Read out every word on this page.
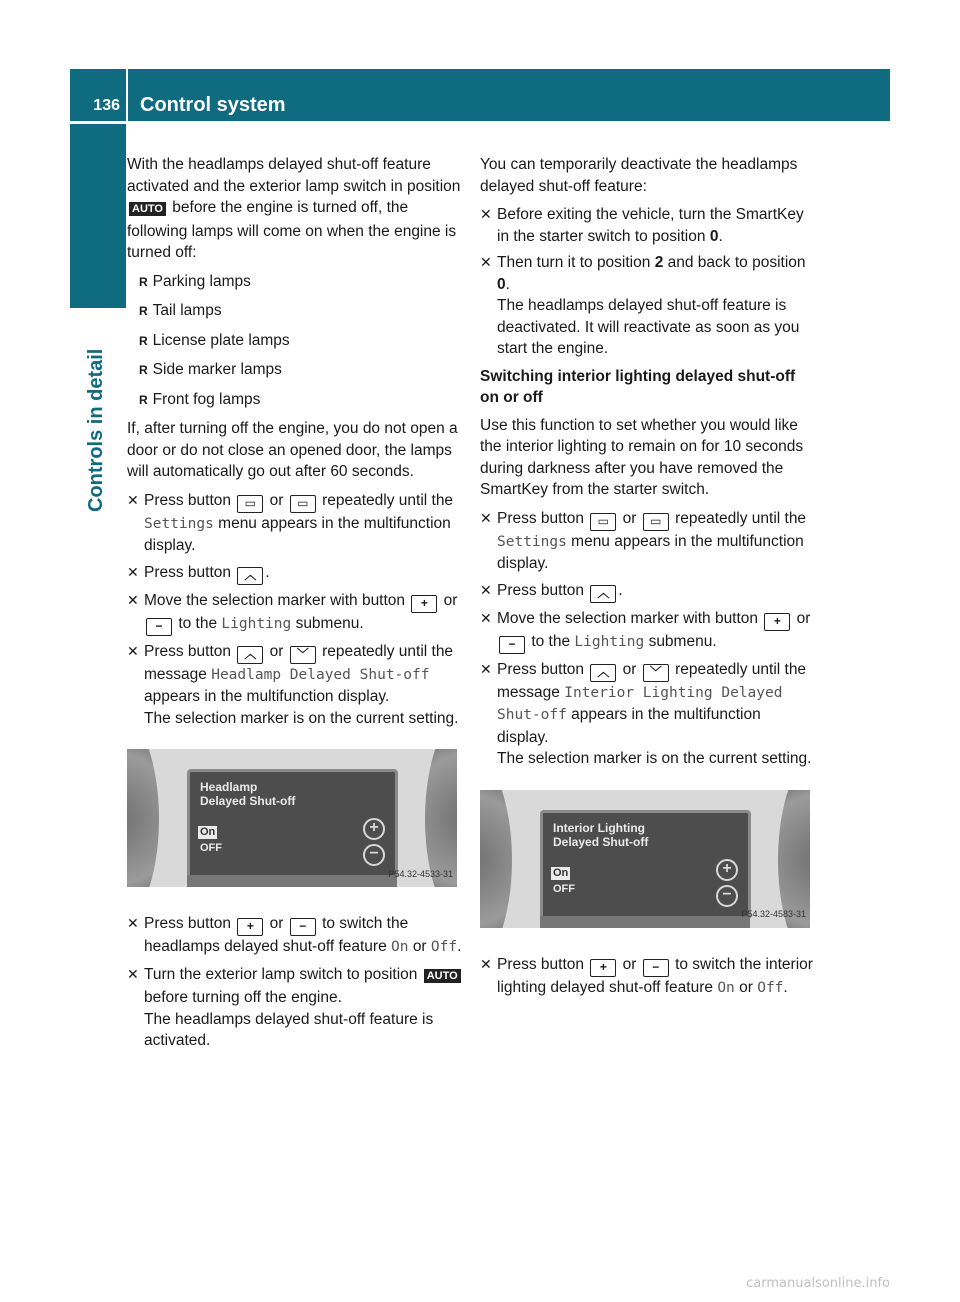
136 Control system
Controls in detail

With the headlamps delayed shut-off feature activated and the exterior lamp switch in position AUTO before the engine is turned off, the following lamps will come on when the engine is turned off:

R Parking lamps
R Tail lamps
R License plate lamps
R Side marker lamps
R Front fog lamps

If, after turning off the engine, you do not open a door or do not close an opened door, the lamps will automatically go out after 60 seconds.

✕ Press button ▭ or ▭ repeatedly until the Settings menu appears in the multifunction display.
✕ Press button ︿ .
✕ Move the selection marker with button + or − to the Lighting submenu.
✕ Press button ︿ or ﹀ repeatedly until the message Headlamp Delayed Shut-off appears in the multifunction display.
The selection marker is on the current setting.
Headlamp
Delayed Shut-off
On
OFF
+
−
P54.32-4533-31
✕ Press button + or − to switch the headlamps delayed shut-off feature On or Off.
✕ Turn the exterior lamp switch to position AUTO before turning off the engine.
The headlamps delayed shut-off feature is activated.

You can temporarily deactivate the headlamps delayed shut-off feature:

✕ Before exiting the vehicle, turn the SmartKey in the starter switch to position 0.
✕ Then turn it to position 2 and back to position 0.
The headlamps delayed shut-off feature is deactivated. It will reactivate as soon as you start the engine.
Switching interior lighting delayed shut-off on or off

Use this function to set whether you would like the interior lighting to remain on for 10 seconds during darkness after you have removed the SmartKey from the starter switch.

✕ Press button ▭ or ▭ repeatedly until the Settings menu appears in the multifunction display.
✕ Press button ︿ .
✕ Move the selection marker with button + or − to the Lighting submenu.
✕ Press button ︿ or ﹀ repeatedly until the message Interior Lighting Delayed Shut-off appears in the multifunction display.
The selection marker is on the current setting.
Interior Lighting
Delayed Shut-off
On
OFF
+
−
P54.32-4583-31
✕ Press button + or − to switch the interior lighting delayed shut-off feature On or Off.
carmanualsonline.info
